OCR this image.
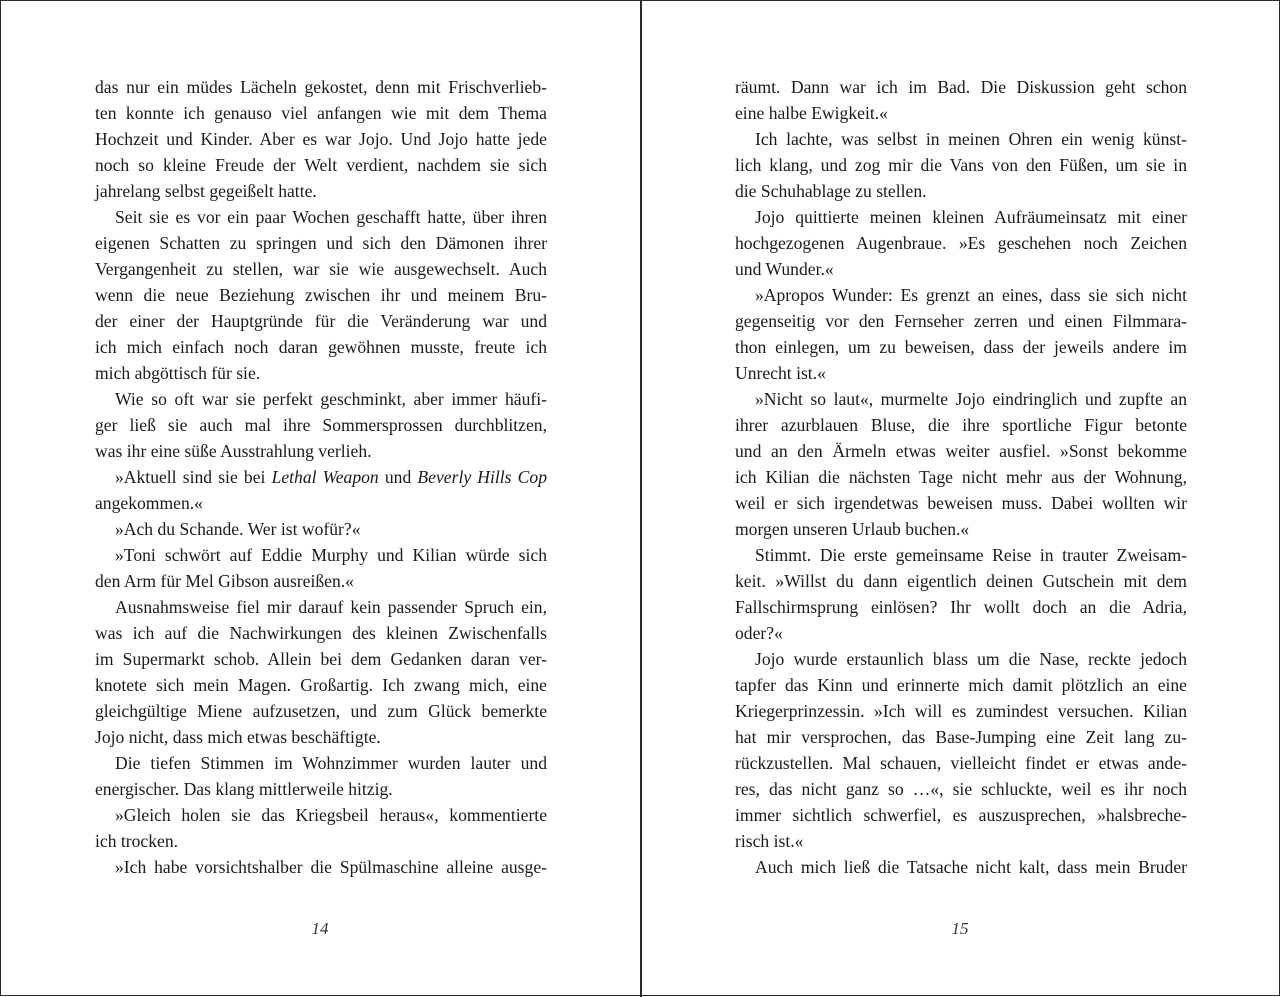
das nur ein müdes Lächeln gekostet, denn mit Frischverlieb-
ten konnte ich genauso viel anfangen wie mit dem Thema
Hochzeit und Kinder. Aber es war Jojo. Und Jojo hatte jede
noch so kleine Freude der Welt verdient, nachdem sie sich
jahrelang selbst gegeißelt hatte.
Seit sie es vor ein paar Wochen geschafft hatte, über ihren
eigenen Schatten zu springen und sich den Dämonen ihrer
Vergangenheit zu stellen, war sie wie ausgewechselt. Auch
wenn die neue Beziehung zwischen ihr und meinem Bru-
der einer der Hauptgründe für die Veränderung war und
ich mich einfach noch daran gewöhnen musste, freute ich
mich abgöttisch für sie.
Wie so oft war sie perfekt geschminkt, aber immer häufi-
ger ließ sie auch mal ihre Sommersprossen durchblitzen,
was ihr eine süße Ausstrahlung verlieh.
»Aktuell sind sie bei Lethal Weapon und Beverly Hills Cop
angekommen.«
»Ach du Schande. Wer ist wofür?«
»Toni schwört auf Eddie Murphy und Kilian würde sich
den Arm für Mel Gibson ausreißen.«
Ausnahmsweise fiel mir darauf kein passender Spruch ein,
was ich auf die Nachwirkungen des kleinen Zwischenfalls
im Supermarkt schob. Allein bei dem Gedanken daran ver-
knotete sich mein Magen. Großartig. Ich zwang mich, eine
gleichgültige Miene aufzusetzen, und zum Glück bemerkte
Jojo nicht, dass mich etwas beschäftigte.
Die tiefen Stimmen im Wohnzimmer wurden lauter und
energischer. Das klang mittlerweile hitzig.
»Gleich holen sie das Kriegsbeil heraus«, kommentierte
ich trocken.
»Ich habe vorsichtshalber die Spülmaschine alleine ausge-
14
räumt. Dann war ich im Bad. Die Diskussion geht schon
eine halbe Ewigkeit.«
Ich lachte, was selbst in meinen Ohren ein wenig künst-
lich klang, und zog mir die Vans von den Füßen, um sie in
die Schuhablage zu stellen.
Jojo quittierte meinen kleinen Aufräumeinsatz mit einer
hochgezogenen Augenbraue. »Es geschehen noch Zeichen
und Wunder.«
»Apropos Wunder: Es grenzt an eines, dass sie sich nicht
gegenseitig vor den Fernseher zerren und einen Filmmara-
thon einlegen, um zu beweisen, dass der jeweils andere im
Unrecht ist.«
»Nicht so laut«, murmelte Jojo eindringlich und zupfte an
ihrer azurblauen Bluse, die ihre sportliche Figur betonte
und an den Ärmeln etwas weiter ausfiel. »Sonst bekomme
ich Kilian die nächsten Tage nicht mehr aus der Wohnung,
weil er sich irgendetwas beweisen muss. Dabei wollten wir
morgen unseren Urlaub buchen.«
Stimmt. Die erste gemeinsame Reise in trauter Zweisam-
keit. »Willst du dann eigentlich deinen Gutschein mit dem
Fallschirmsprung einlösen? Ihr wollt doch an die Adria,
oder?«
Jojo wurde erstaunlich blass um die Nase, reckte jedoch
tapfer das Kinn und erinnerte mich damit plötzlich an eine
Kriegerprinzessin. »Ich will es zumindest versuchen. Kilian
hat mir versprochen, das Base-Jumping eine Zeit lang zu-
rückzustellen. Mal schauen, vielleicht findet er etwas ande-
res, das nicht ganz so …«, sie schluckte, weil es ihr noch
immer sichtlich schwerfiel, es auszusprechen, »halsbreche-
risch ist.«
Auch mich ließ die Tatsache nicht kalt, dass mein Bruder
15
